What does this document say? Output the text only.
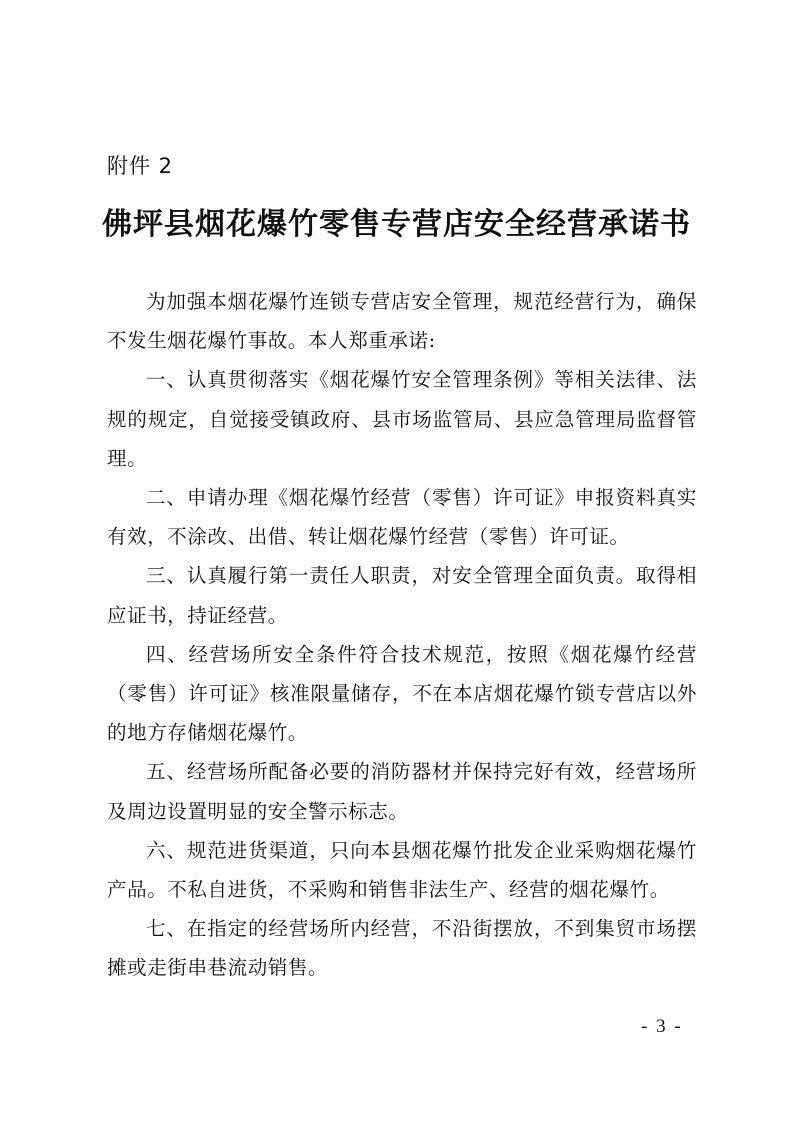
附件 2
佛坪县烟花爆竹零售专营店安全经营承诺书

为加强本烟花爆竹连锁专营店安全管理，规范经营行为，确保不发生烟花爆竹事故。本人郑重承诺:

一、认真贯彻落实《烟花爆竹安全管理条例》等相关法律、法规的规定，自觉接受镇政府、县市场监管局、县应急管理局监督管理。

二、申请办理《烟花爆竹经营（零售）许可证》申报资料真实有效，不涂改、出借、转让烟花爆竹经营（零售）许可证。

三、认真履行第一责任人职责，对安全管理全面负责。取得相应证书，持证经营。

四、经营场所安全条件符合技术规范，按照《烟花爆竹经营（零售）许可证》核准限量储存，不在本店烟花爆竹锁专营店以外的地方存储烟花爆竹。

五、经营场所配备必要的消防器材并保持完好有效，经营场所及周边设置明显的安全警示标志。

六、规范进货渠道，只向本县烟花爆竹批发企业采购烟花爆竹产品。不私自进货，不采购和销售非法生产、经营的烟花爆竹。

七、在指定的经营场所内经营，不沿街摆放，不到集贸市场摆摊或走街串巷流动销售。

- 3 -
